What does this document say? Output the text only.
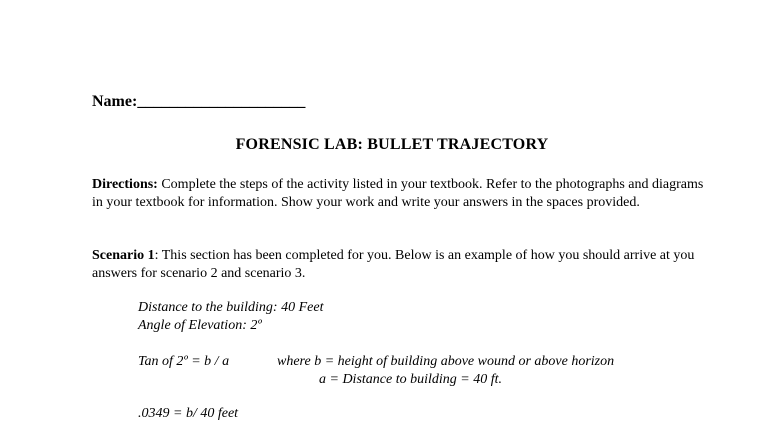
Name:_____________________
FORENSIC LAB: BULLET TRAJECTORY
Directions: Complete the steps of the activity listed in your textbook. Refer to the photographs and diagrams in your textbook for information. Show your work and write your answers in the spaces provided.
Scenario 1: This section has been completed for you. Below is an example of how you should arrive at you answers for scenario 2 and scenario 3.
Distance to the building: 40 Feet
Angle of Elevation: 2º
Tan of 2º = b / a	where b = height of building above wound or above horizon
a = Distance to building = 40 ft.
.0349 = b/ 40 feet
